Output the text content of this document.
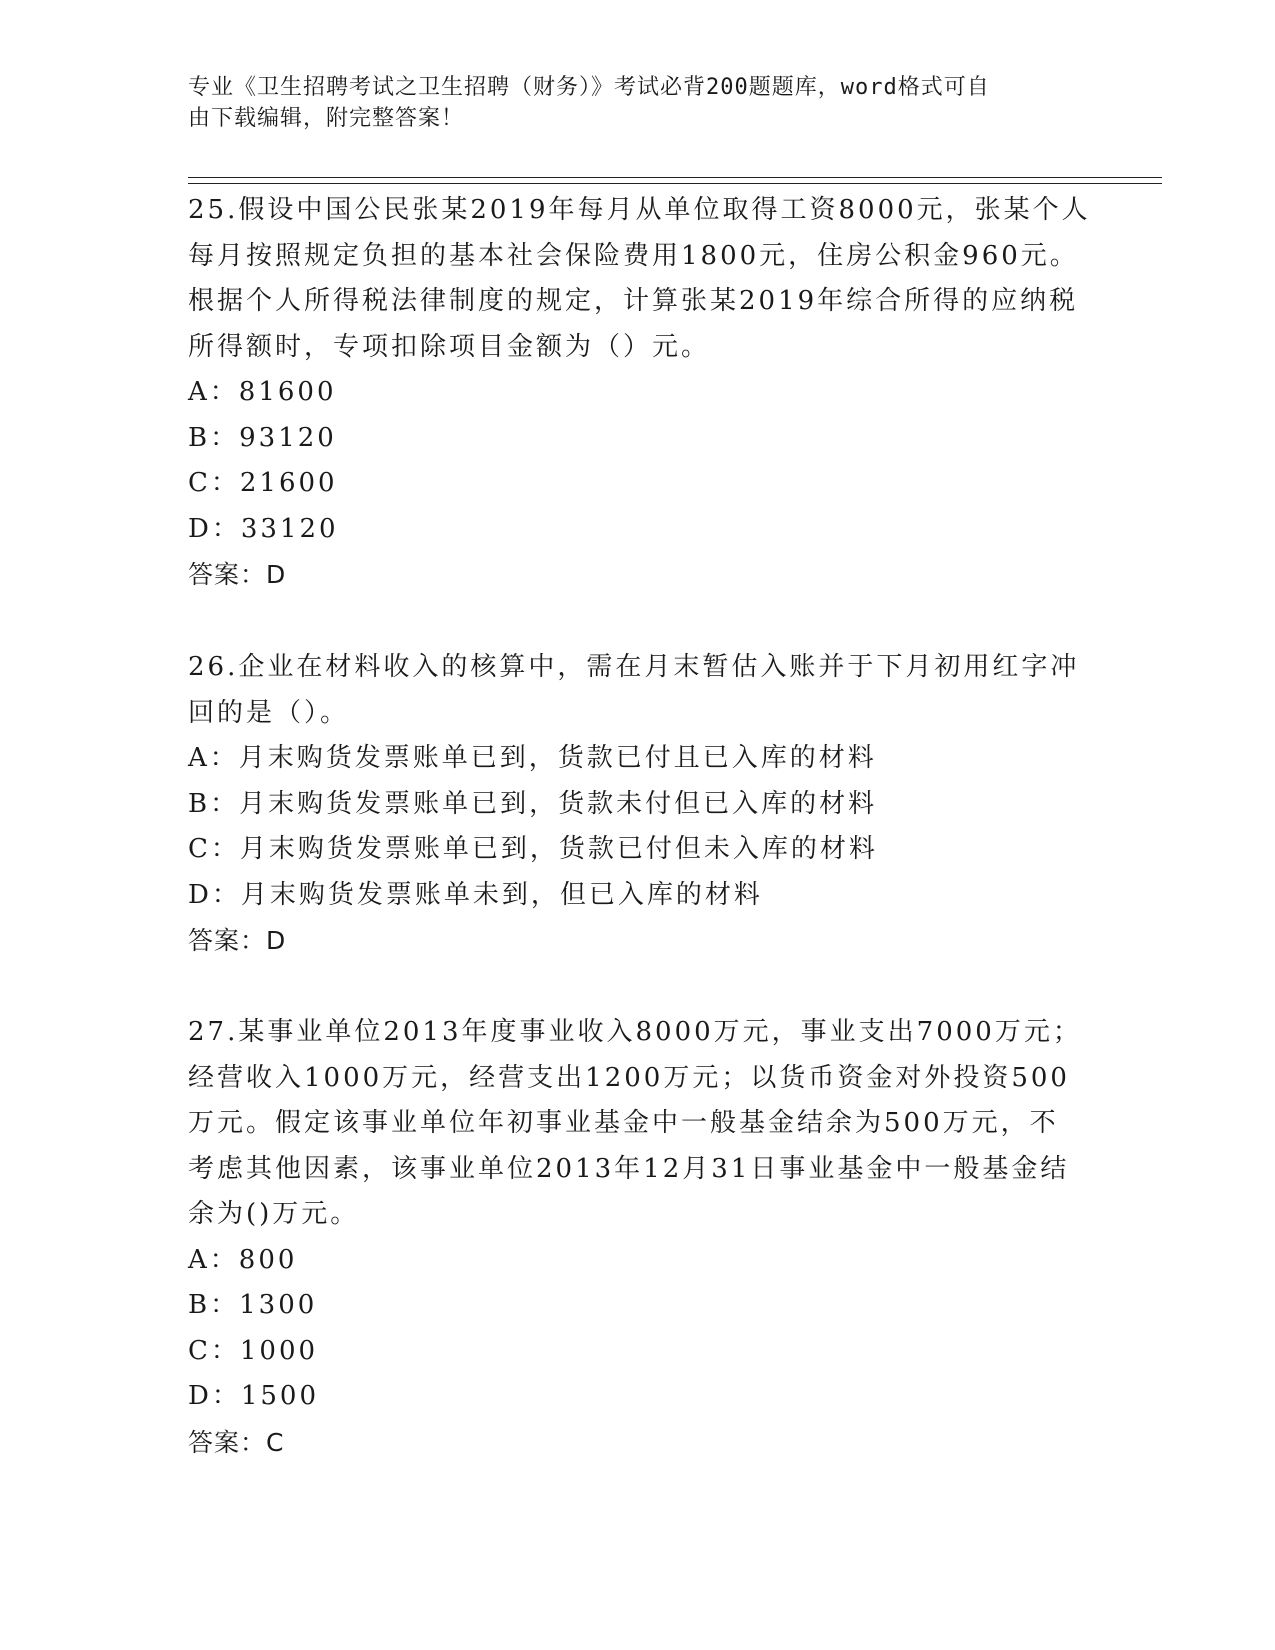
专业《卫生招聘考试之卫生招聘（财务）》考试必背200题题库，word格式可自
由下载编辑，附完整答案！
25.假设中国公民张某2019年每月从单位取得工资8000元，张某个人
每月按照规定负担的基本社会保险费用1800元，住房公积金960元。
根据个人所得税法律制度的规定，计算张某2019年综合所得的应纳税
所得额时，专项扣除项目金额为（）元。
A：81600
B：93120
C：21600
D：33120
答案：D
26.企业在材料收入的核算中，需在月末暂估入账并于下月初用红字冲
回的是（）。
A：月末购货发票账单已到，货款已付且已入库的材料
B：月末购货发票账单已到，货款未付但已入库的材料
C：月末购货发票账单已到，货款已付但未入库的材料
D：月末购货发票账单未到，但已入库的材料
答案：D
27.某事业单位2013年度事业收入8000万元，事业支出7000万元；
经营收入1000万元，经营支出1200万元；以货币资金对外投资500
万元。假定该事业单位年初事业基金中一般基金结余为500万元，不
考虑其他因素，该事业单位2013年12月31日事业基金中一般基金结
余为()万元。
A：800
B：1300
C：1000
D：1500
答案：C
